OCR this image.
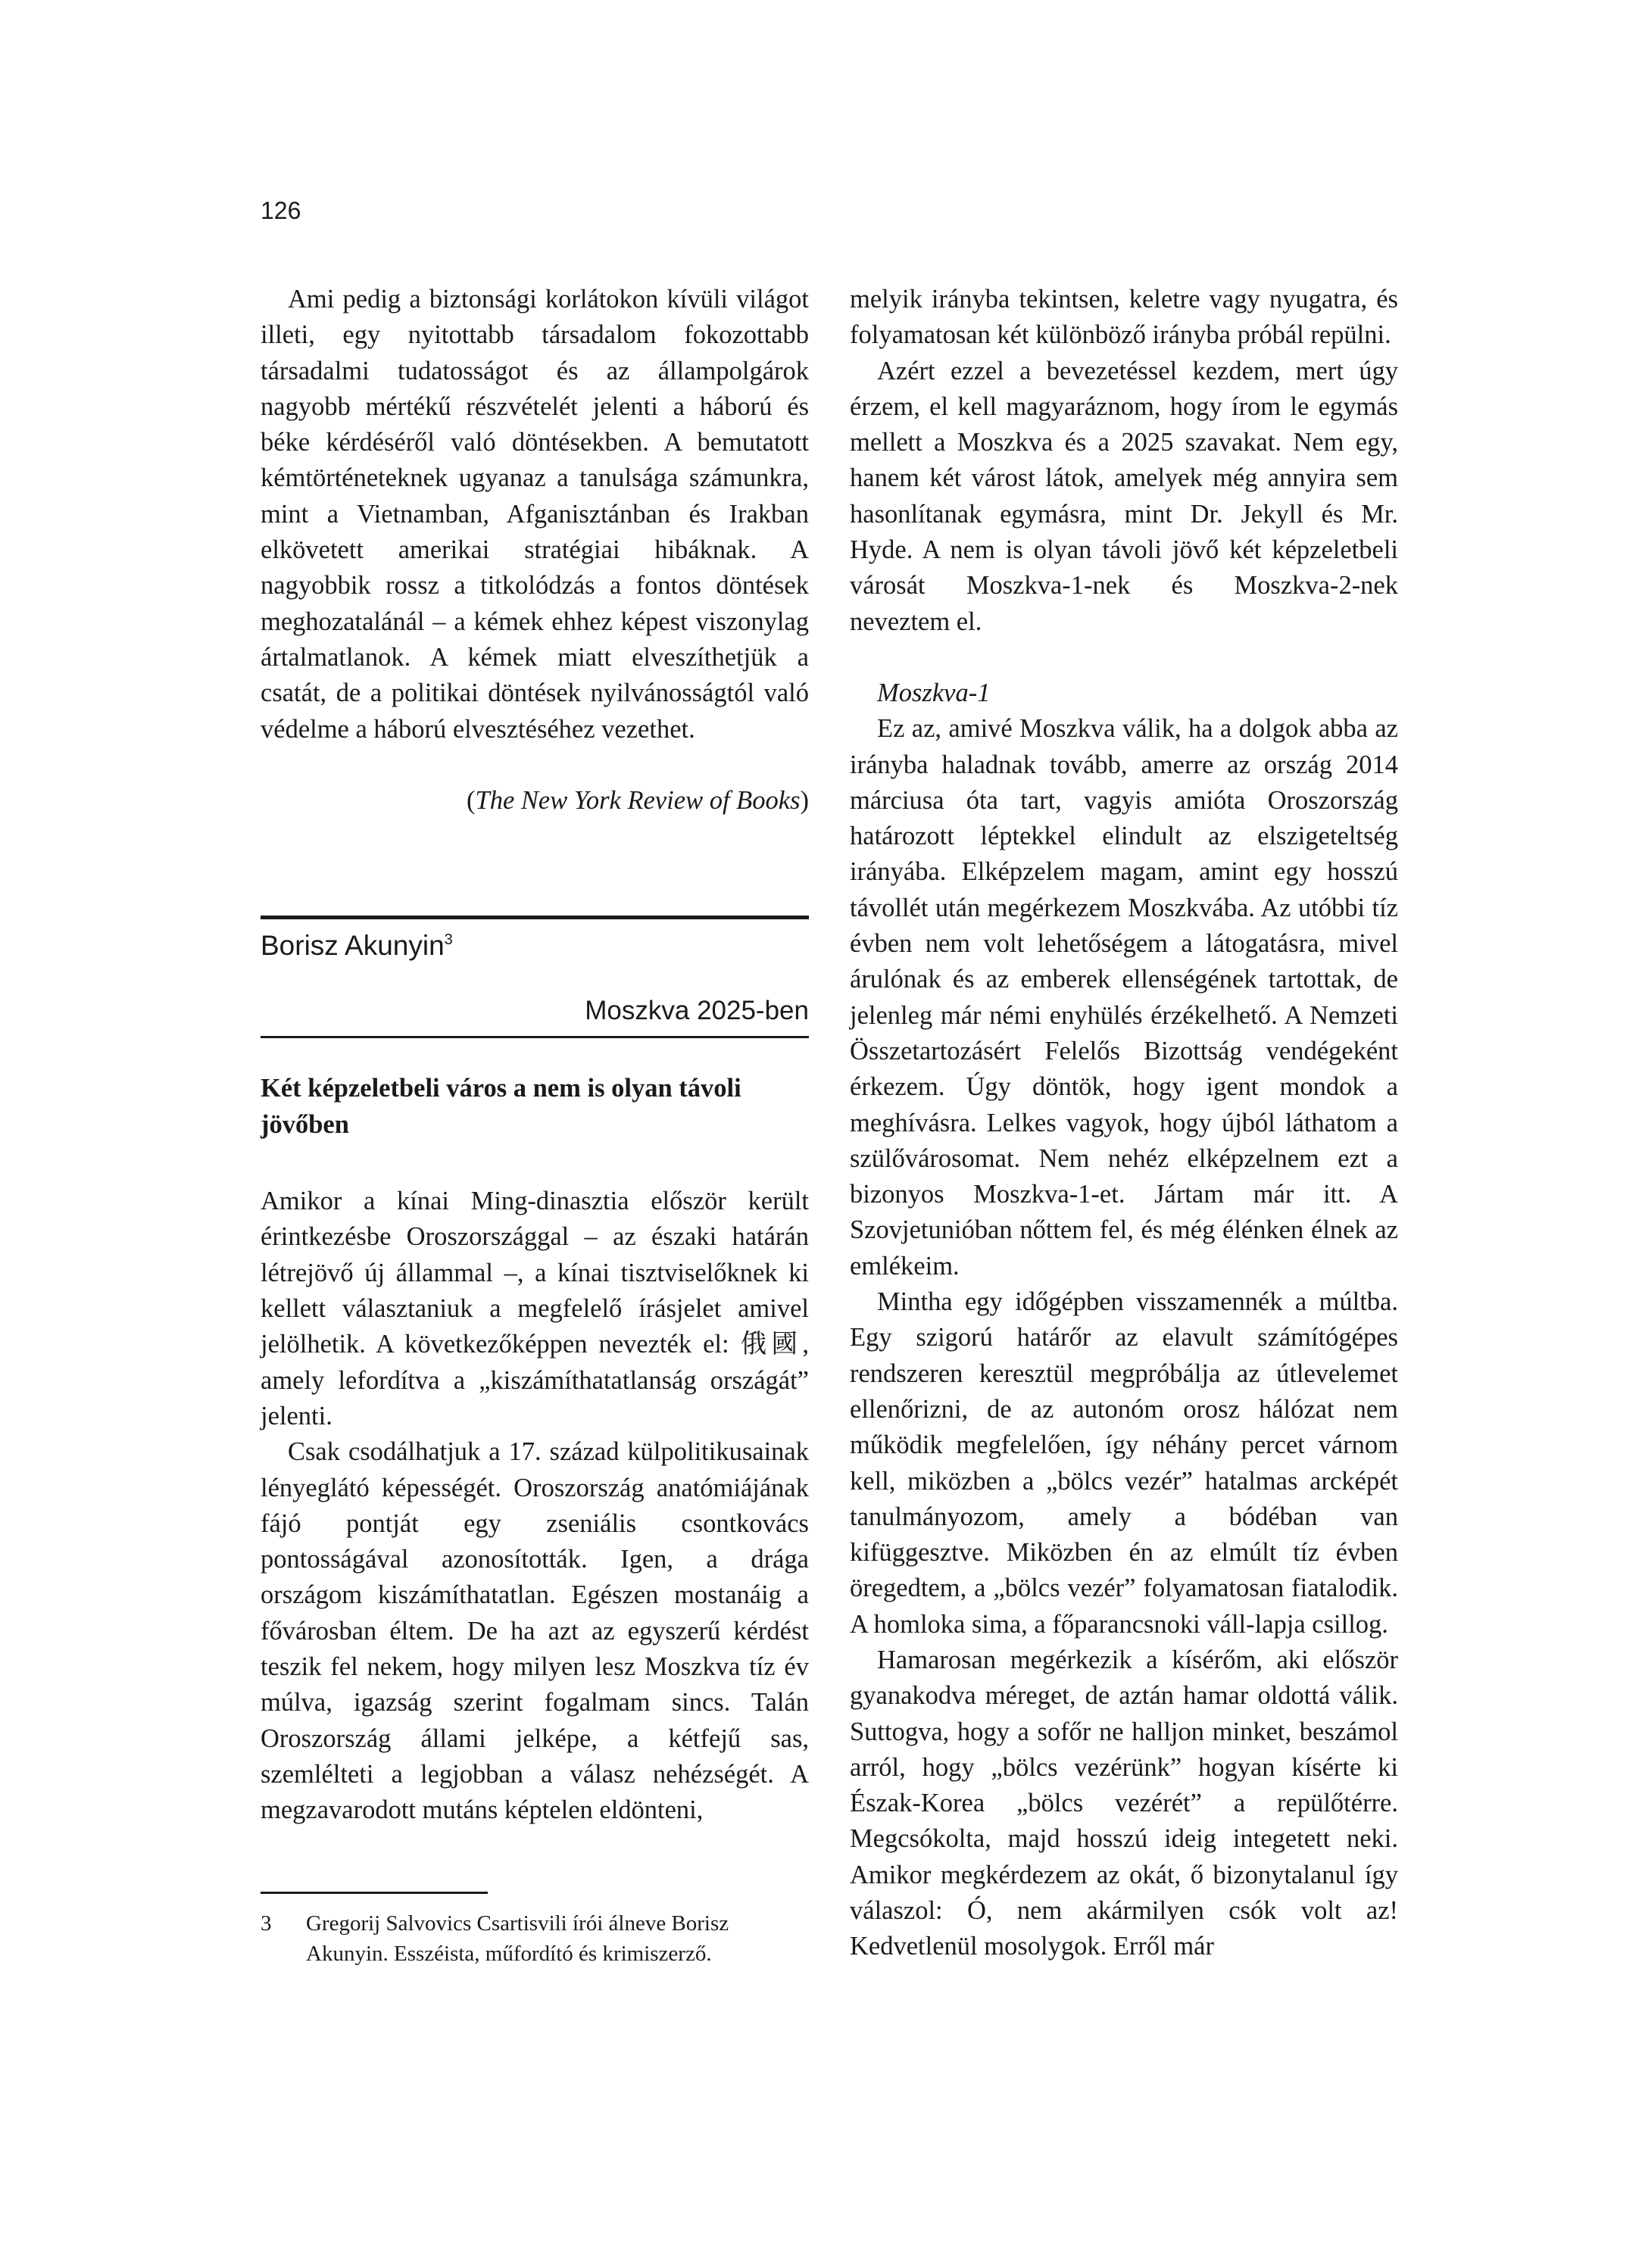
126

Ami pedig a biztonsági korlátokon kívüli világot illeti, egy nyitottabb társadalom fokozottabb társadalmi tudatosságot és az állampolgárok nagyobb mértékű részvételét jelenti a háború és béke kérdéséről való döntésekben. A bemutatott kémtörténeteknek ugyanaz a tanulsága számunkra, mint a Vietnamban, Afganisztánban és Irakban elkövetett amerikai stratégiai hibáknak. A nagyobbik rossz a titkolódzás a fontos döntések meghozatalánál – a kémek ehhez képest viszonylag ártalmatlanok. A kémek miatt elveszíthetjük a csatát, de a politikai döntések nyilvánosságtól való védelme a háború elvesztéséhez vezethet.

(The New York Review of Books)

Borisz Akunyin$^3$
Moszkva 2025-ben

Két képzeletbeli város a nem is olyan távoli jövőben

Amikor a kínai Ming-dinasztia először került érintkezésbe Oroszországgal – az északi határán létrejövő új állammal –, a kínai tisztviselőknek ki kellett választaniuk a megfelelő írásjelet amivel jelölhetik. A következőképpen nevezték el: 俄國, amely lefordítva a „kiszámíthatatlanság országát” jelenti.

Csak csodálhatjuk a 17. század külpolitikusainak lényeglátó képességét. Oroszország anatómiájának fájó pontját egy zseniális csontkovács pontosságával azonosították. Igen, a drága országom kiszámíthatatlan. Egészen mostanáig a fővárosban éltem. De ha azt az egyszerű kérdést teszik fel nekem, hogy milyen lesz Moszkva tíz év múlva, igazság szerint fogalmam sincs. Talán Oroszország állami jelképe, a kétfejű sas, szemlélteti a legjobban a válasz nehézségét. A megzavarodott mutáns képtelen eldönteni,

3	Gregorij Salvovics Csartisvili írói álneve Borisz Akunyin. Esszéista, műfordító és krimiszerző.

melyik irányba tekintsen, keletre vagy nyugatra, és folyamatosan két különböző irányba próbál repülni.

Azért ezzel a bevezetéssel kezdem, mert úgy érzem, el kell magyaráznom, hogy írom le egymás mellett a Moszkva és a 2025 szavakat. Nem egy, hanem két várost látok, amelyek még annyira sem hasonlítanak egymásra, mint Dr. Jekyll és Mr. Hyde. A nem is olyan távoli jövő két képzeletbeli városát Moszkva-1-nek és Moszkva-2-nek neveztem el.

Moszkva-1

Ez az, amivé Moszkva válik, ha a dolgok abba az irányba haladnak tovább, amerre az ország 2014 márciusa óta tart, vagyis amióta Oroszország határozott léptekkel elindult az elszigeteltség irányába. Elképzelem magam, amint egy hosszú távollét után megérkezem Moszkvába. Az utóbbi tíz évben nem volt lehetőségem a látogatásra, mivel árulónak és az emberek ellenségének tartottak, de jelenleg már némi enyhülés érzékelhető. A Nemzeti Összetartozásért Felelős Bizottság vendégeként érkezem. Úgy döntök, hogy igent mondok a meghívásra. Lelkes vagyok, hogy újból láthatom a szülővárosomat. Nem nehéz elképzelnem ezt a bizonyos Moszkva-1-et. Jártam már itt. A Szovjetunióban nőttem fel, és még élénken élnek az emlékeim.

Mintha egy időgépben visszamennék a múltba. Egy szigorú határőr az elavult számítógépes rendszeren keresztül megpróbálja az útlevelemet ellenőrizni, de az autonóm orosz hálózat nem működik megfelelően, így néhány percet várnom kell, miközben a „bölcs vezér” hatalmas arcképét tanulmányozom, amely a bódéban van kifüggesztve. Miközben én az elmúlt tíz évben öregedtem, a „bölcs vezér” folyamatosan fiatalodik. A homloka sima, a főparancsnoki váll-lapja csillog.

Hamarosan megérkezik a kísérőm, aki először gyanakodva méreget, de aztán hamar oldottá válik. Suttogva, hogy a sofőr ne halljon minket, beszámol arról, hogy „bölcs vezérünk” hogyan kísérte ki Észak-Korea „bölcs vezérét” a repülőtérre. Megcsókolta, majd hosszú ideig integetett neki. Amikor megkérdezem az okát, ő bizonytalanul így válaszol: Ó, nem akármilyen csók volt az! Kedvetlenül mosolygok. Erről már
